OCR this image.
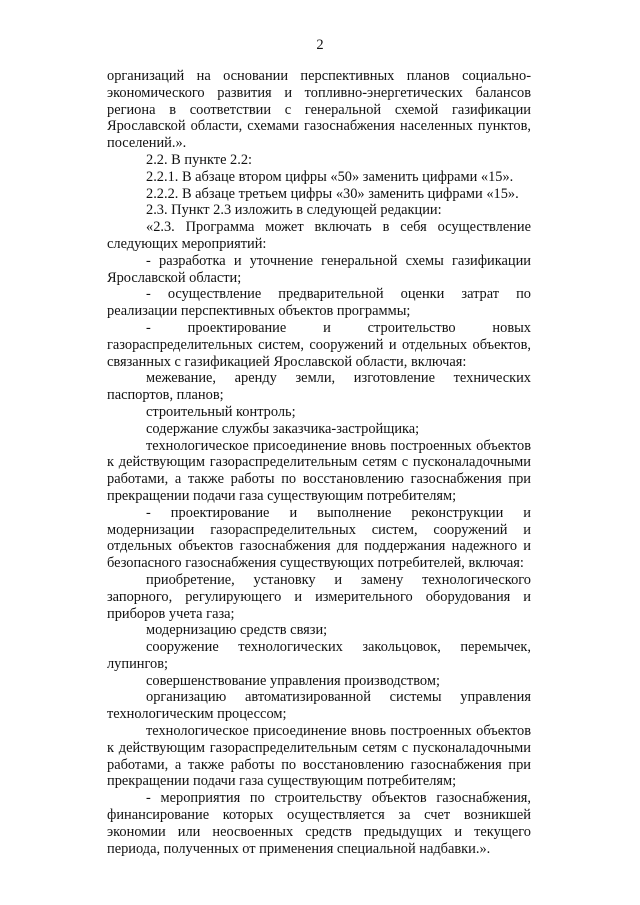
2

организаций на основании перспективных планов социально-экономического развития и топливно-энергетических балансов региона в соответствии с генеральной схемой газификации Ярославской области, схемами газоснабжения населенных пунктов, поселений.».

2.2. В пункте 2.2:

2.2.1. В абзаце втором цифры «50» заменить цифрами «15».

2.2.2. В абзаце третьем цифры «30» заменить цифрами «15».

2.3. Пункт 2.3 изложить в следующей редакции:

«2.3. Программа может включать в себя осуществление следующих мероприятий:

- разработка и уточнение генеральной схемы газификации Ярославской области;

- осуществление предварительной оценки затрат по реализации перспективных объектов программы;

- проектирование и строительство новых газораспределительных систем, сооружений и отдельных объектов, связанных с газификацией Ярославской области, включая:

межевание, аренду земли, изготовление технических паспортов, планов;

строительный контроль;

содержание службы заказчика-застройщика;

технологическое присоединение вновь построенных объектов к действующим газораспределительным сетям с пусконаладочными работами, а также работы по восстановлению газоснабжения при прекращении подачи газа существующим потребителям;

- проектирование и выполнение реконструкции и модернизации газораспределительных систем, сооружений и отдельных объектов газоснабжения для поддержания надежного и безопасного газоснабжения существующих потребителей, включая:

приобретение, установку и замену технологического запорного, регулирующего и измерительного оборудования и приборов учета газа;

модернизацию средств связи;

сооружение технологических закольцовок, перемычек, лупингов;

совершенствование управления производством;

организацию автоматизированной системы управления технологическим процессом;

технологическое присоединение вновь построенных объектов к действующим газораспределительным сетям с пусконаладочными работами, а также работы по восстановлению газоснабжения при прекращении подачи газа существующим потребителям;

- мероприятия по строительству объектов газоснабжения, финансирование которых осуществляется за счет возникшей экономии или неосвоенных средств предыдущих и текущего периода, полученных от применения специальной надбавки.».
